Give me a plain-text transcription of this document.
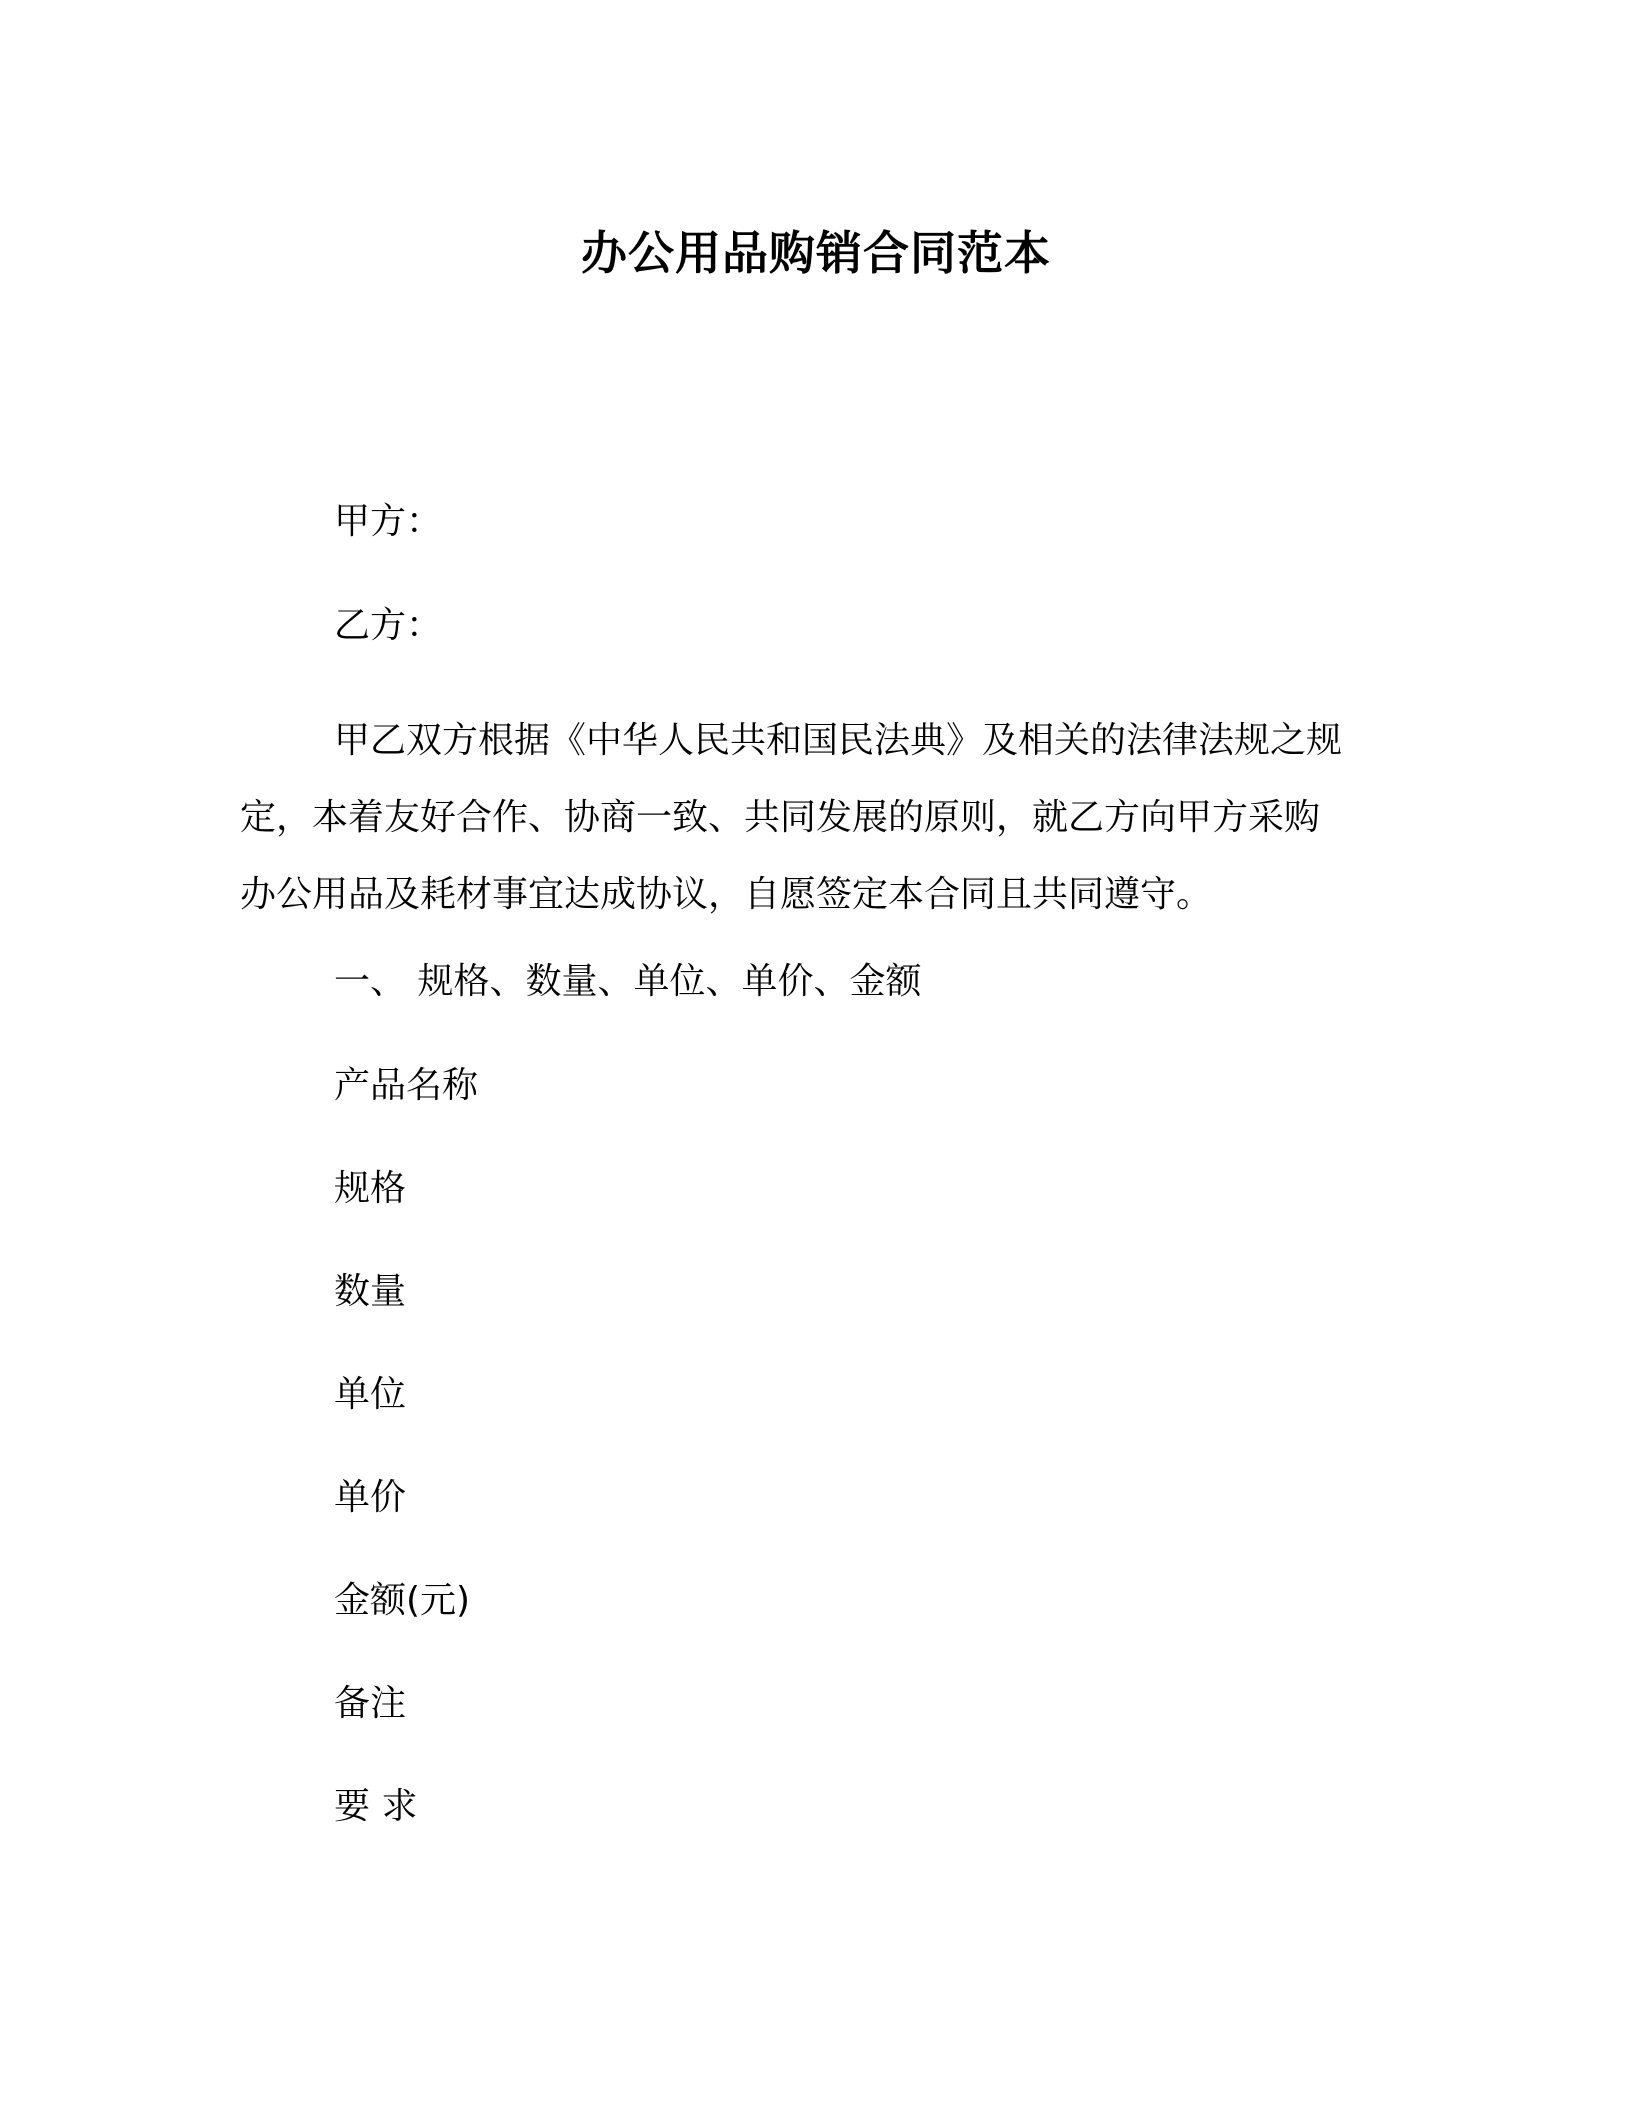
办公用品购销合同范本
甲方：
乙方：
甲乙双方根据《中华人民共和国民法典》及相关的法律法规之规
定，本着友好合作、协商一致、共同发展的原则，就乙方向甲方采购
办公用品及耗材事宜达成协议，自愿签定本合同且共同遵守。
一、 规格、数量、单位、单价、金额
产品名称
规格
数量
单位
单价
金额(元)
备注
要 求
